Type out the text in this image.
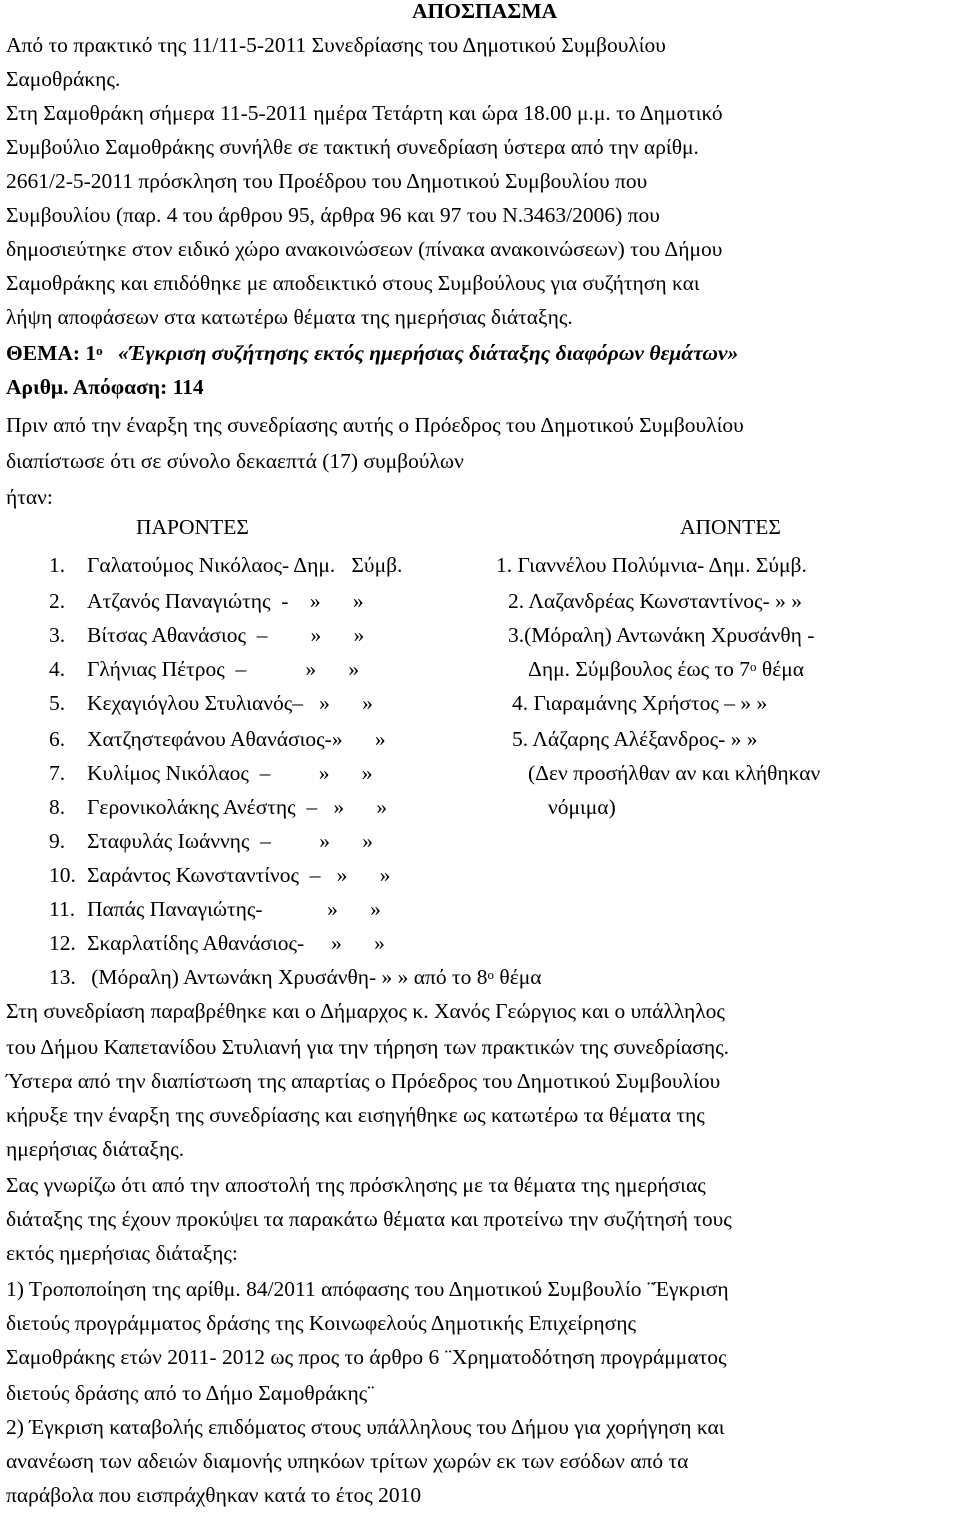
ΑΠΟΣΠΑΣΜΑ
Από το πρακτικό της 11/11-5-2011 Συνεδρίασης του Δημοτικού Συμβουλίου
Σαμοθράκης.
Στη Σαμοθράκη σήμερα 11-5-2011 ημέρα Τετάρτη και ώρα 18.00 μ.μ. το Δημοτικό
Συμβούλιο Σαμοθράκης συνήλθε σε τακτική συνεδρίαση ύστερα από την αρίθμ.
2661/2-5-2011 πρόσκληση του Προέδρου του Δημοτικού Συμβουλίου που
Συμβουλίου (παρ. 4 του άρθρου 95, άρθρα 96 και 97 του Ν.3463/2006) που
δημοσιεύτηκε στον ειδικό χώρο ανακοινώσεων (πίνακα ανακοινώσεων) του Δήμου
Σαμοθράκης και επιδόθηκε με αποδεικτικό στους Συμβούλους για συζήτηση και
λήψη αποφάσεων στα κατωτέρω θέματα της ημερήσιας διάταξης.
ΘΕΜΑ: $1^o$ «Έγκριση συζήτησης εκτός ημερήσιας διάταξης διαφόρων θεμάτων»
Αριθμ. Απόφαση: 114
Πριν από την έναρξη της συνεδρίασης αυτής ο Πρόεδρος του Δημοτικού Συμβουλίου
διαπίστωσε ότι σε σύνολο δεκαεπτά (17) συμβούλων
ήταν:
ΠΑΡΟΝΤΕΣ	ΑΠΟΝΤΕΣ
1. Γαλατούμος Νικόλαος- Δημ.   Σύμβ.
2. Ατζανός Παναγιώτης  -    »      »
3. Βίτσας Αθανάσιος  –        »      »
4. Γλήνιας Πέτρος  –           »      »
5. Κεχαγιόγλου Στυλιανός–   »      »
6. Χατζηστεφάνου Αθανάσιος-»      »
7. Κυλίμος Νικόλαος  –         »      »
8. Γερονικολάκης Ανέστης  –   »      »
9. Σταφυλάς Ιωάννης  –         »      »
10. Σαράντος Κωνσταντίνος  –   »      »
11. Παπάς Παναγιώτης-            »      »
12. Σκαρλατίδης Αθανάσιος-     »      »
13. (Μόραλη) Αντωνάκη Χρυσάνθη- » » από το $8^o$ θέμα
1. Γιαννέλου Πολύμνια- Δημ. Σύμβ.
2. Λαζανδρέας Κωνσταντίνος- » »
3.(Μόραλη) Αντωνάκη Χρυσάνθη -
Δημ. Σύμβουλος έως το $7^o$ θέμα
4. Γιαραμάνης Χρήστος – » »
5. Λάζαρης Αλέξανδρος- » »
(Δεν προσήλθαν αν και κλήθηκαν
νόμιμα)
Στη συνεδρίαση παραβρέθηκε και ο Δήμαρχος κ. Χανός Γεώργιος και ο υπάλληλος
του Δήμου Καπετανίδου Στυλιανή για την τήρηση των πρακτικών της συνεδρίασης.
Ύστερα από την διαπίστωση της απαρτίας ο Πρόεδρος του Δημοτικού Συμβουλίου
κήρυξε την έναρξη της συνεδρίασης και εισηγήθηκε ως κατωτέρω τα θέματα της
ημερήσιας διάταξης.
Σας γνωρίζω ότι από την αποστολή της πρόσκλησης με τα θέματα της ημερήσιας
διάταξης της έχουν προκύψει τα παρακάτω θέματα και προτείνω την συζήτησή τους
εκτός ημερήσιας διάταξης:
1) Τροποποίηση της αρίθμ. 84/2011 απόφασης του Δημοτικού Συμβουλίο ¨Έγκριση
διετούς προγράμματος δράσης της Κοινωφελούς Δημοτικής Επιχείρησης
Σαμοθράκης ετών 2011- 2012 ως προς το άρθρο 6 ¨Χρηματοδότηση προγράμματος
διετούς δράσης από το Δήμο Σαμοθράκης¨
2) Έγκριση καταβολής επιδόματος στους υπάλληλους του Δήμου για χορήγηση και
ανανέωση των αδειών διαμονής υπηκόων τρίτων χωρών εκ των εσόδων από τα
παράβολα που εισπράχθηκαν κατά το έτος 2010
